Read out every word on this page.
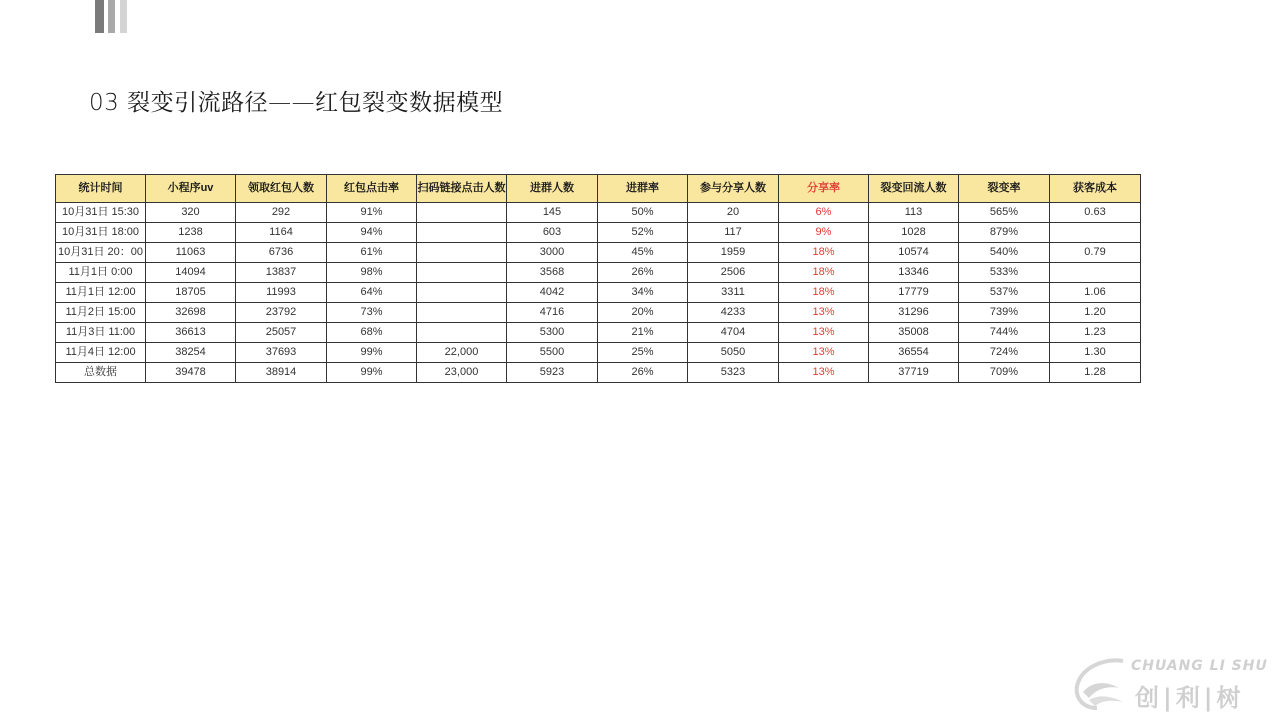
03 裂变引流路径——红包裂变数据模型
统计时间	小程序uv	领取红包人数	红包点击率	扫码链接点击人数	进群人数	进群率	参与分享人数	分享率	裂变回流人数	裂变率	获客成本
10月31日 15:30	320	292	91%		145	50%	20	6%	113	565%	0.63
10月31日 18:00	1238	1164	94%		603	52%	117	9%	1028	879%	
10月31日 20：00	11063	6736	61%		3000	45%	1959	18%	10574	540%	0.79
11月1日 0:00	14094	13837	98%		3568	26%	2506	18%	13346	533%	
11月1日 12:00	18705	11993	64%		4042	34%	3311	18%	17779	537%	1.06
11月2日 15:00	32698	23792	73%		4716	20%	4233	13%	31296	739%	1.20
11月3日 11:00	36613	25057	68%		5300	21%	4704	13%	35008	744%	1.23
11月4日 12:00	38254	37693	99%	22,000	5500	25%	5050	13%	36554	724%	1.30
总数据	39478	38914	99%	23,000	5923	26%	5323	13%	37719	709%	1.28
CHUANG LI SHU
创|利|树
